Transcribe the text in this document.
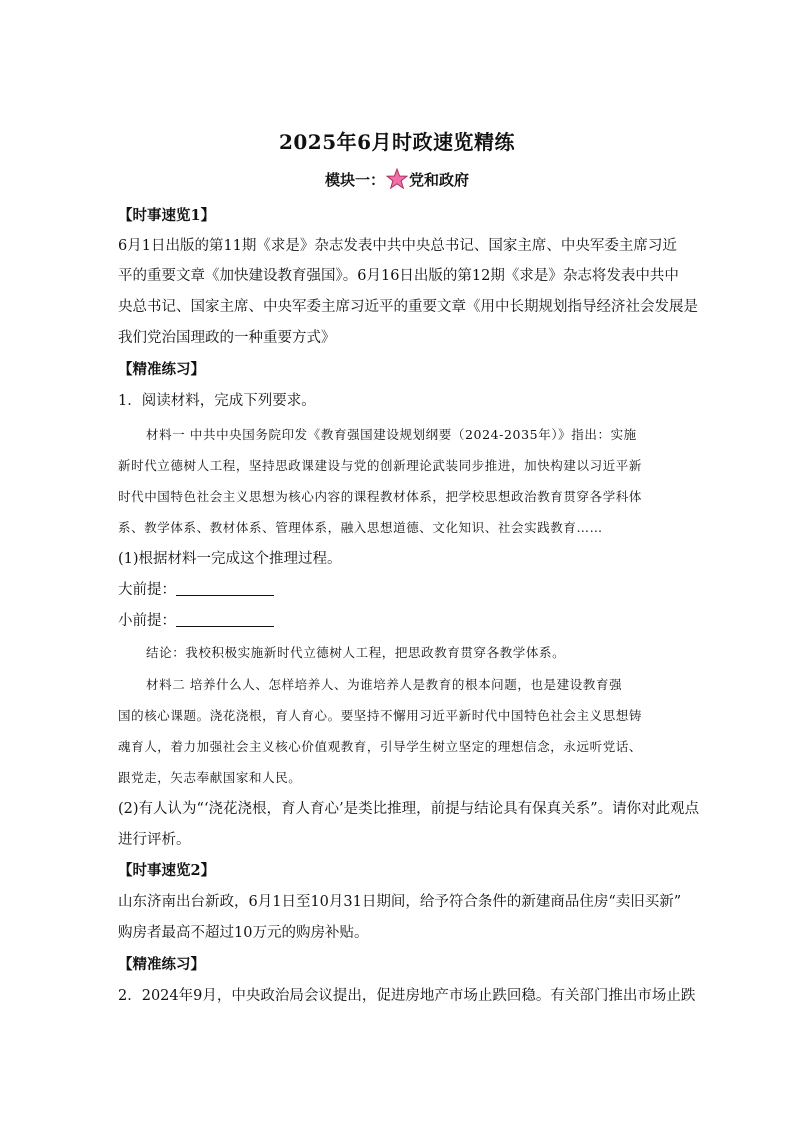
2025年6月时政速览精练
模块一： 党和政府
【时事速览1】
6月1日出版的第11期《求是》杂志发表中共中央总书记、国家主席、中央军委主席习近
平的重要文章《加快建设教育强国》。6月16日出版的第12期《求是》杂志将发表中共中
央总书记、国家主席、中央军委主席习近平的重要文章《用中长期规划指导经济社会发展是
我们党治国理政的一种重要方式》
【精准练习】
1．阅读材料，完成下列要求。
材料一 中共中央国务院印发《教育强国建设规划纲要（2024-2035年）》指出：实施
新时代立德树人工程，坚持思政课建设与党的创新理论武装同步推进，加快构建以习近平新
时代中国特色社会主义思想为核心内容的课程教材体系，把学校思想政治教育贯穿各学科体
系、教学体系、教材体系、管理体系，融入思想道德、文化知识、社会实践教育……
(1)根据材料一完成这个推理过程。
大前提：
小前提：
结论：我校积极实施新时代立德树人工程，把思政教育贯穿各教学体系。
材料二 培养什么人、怎样培养人、为谁培养人是教育的根本问题，也是建设教育强
国的核心课题。浇花浇根，育人育心。要坚持不懈用习近平新时代中国特色社会主义思想铸
魂育人，着力加强社会主义核心价值观教育，引导学生树立坚定的理想信念，永远听党话、
跟党走，矢志奉献国家和人民。
(2)有人认为“‘浇花浇根，育人育心’是类比推理，前提与结论具有保真关系”。请你对此观点
进行评析。
【时事速览2】
山东济南出台新政，6月1日至10月31日期间，给予符合条件的新建商品住房“卖旧买新”
购房者最高不超过10万元的购房补贴。
【精准练习】
2．2024年9月，中央政治局会议提出，促进房地产市场止跌回稳。有关部门推出市场止跌
